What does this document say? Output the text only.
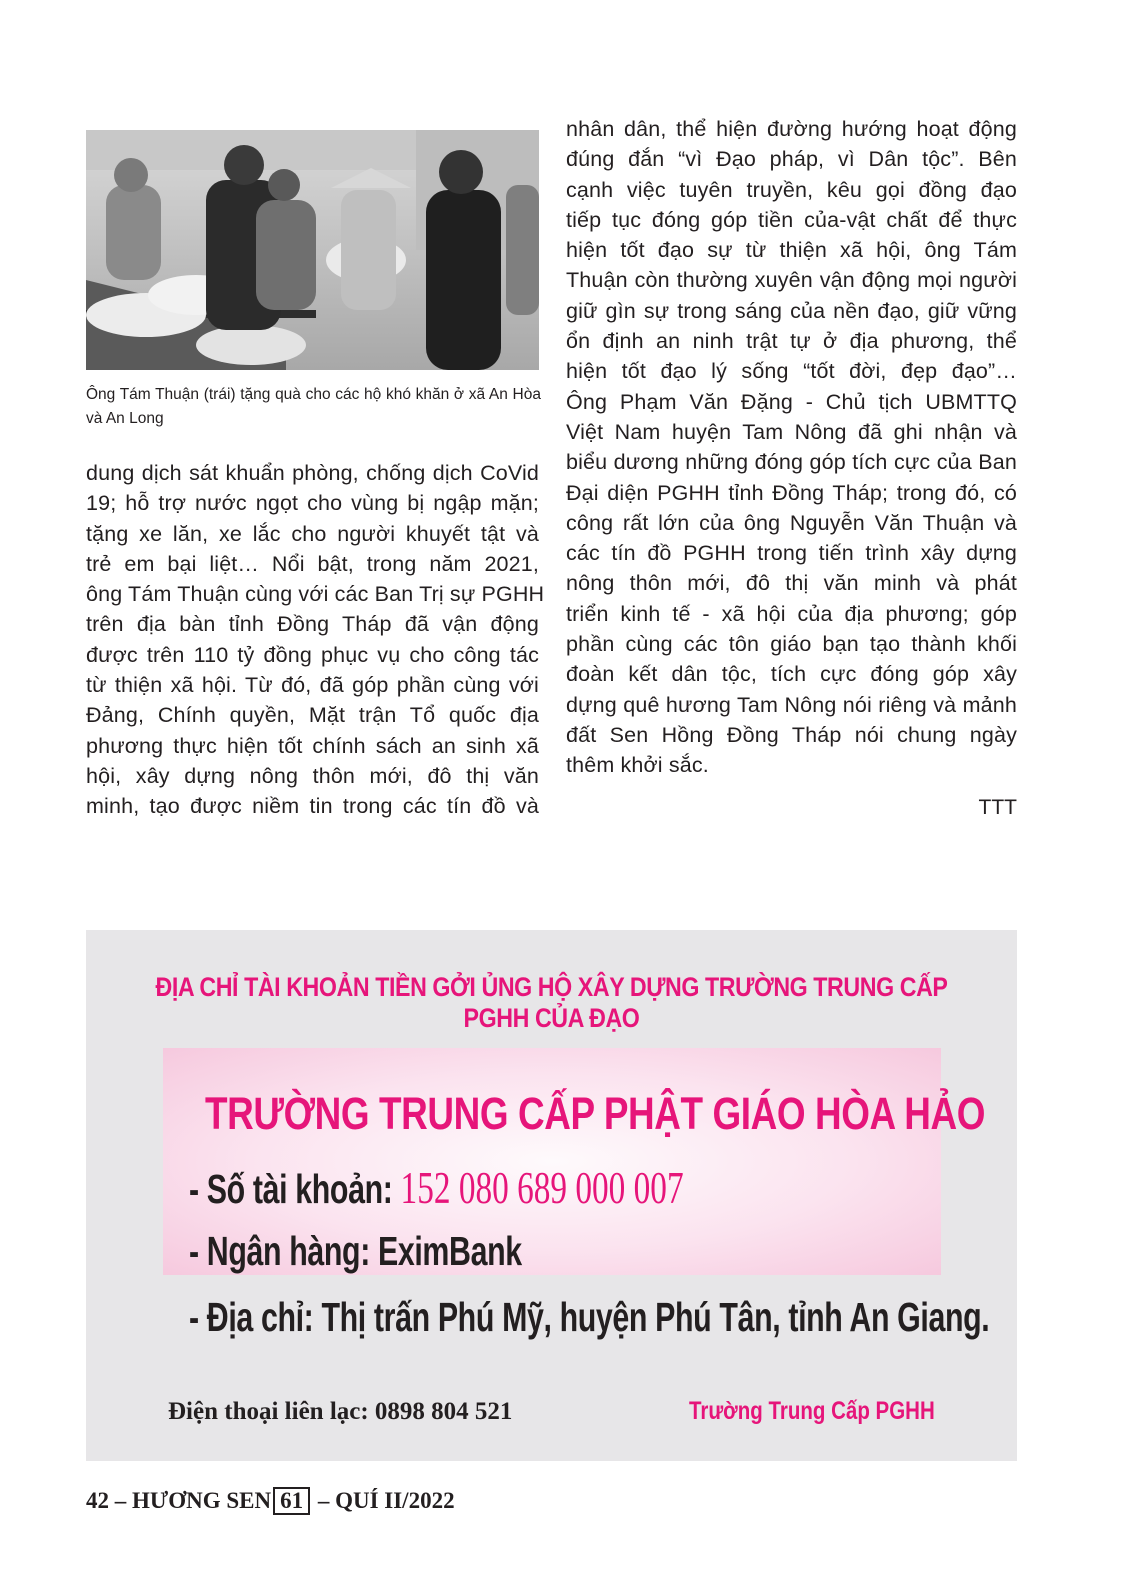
Ông Tám Thuận (trái) tặng quà cho các hộ khó khăn ở xã An Hòa và An Long
dung dịch sát khuẩn phòng, chống dịch CoVid
19; hỗ trợ nước ngọt cho vùng bị ngập mặn;
tặng xe lăn, xe lắc cho người khuyết tật và
trẻ em bại liệt… Nổi bật, trong năm 2021,
ông Tám Thuận cùng với các Ban Trị sự PGHH
trên địa bàn tỉnh Đồng Tháp đã vận động
được trên 110 tỷ đồng phục vụ cho công tác
từ thiện xã hội. Từ đó, đã góp phần cùng với
Đảng, Chính quyền, Mặt trận Tổ quốc địa
phương thực hiện tốt chính sách an sinh xã
hội, xây dựng nông thôn mới, đô thị văn
minh, tạo được niềm tin trong các tín đồ và
nhân dân, thể hiện đường hướng hoạt động
đúng đắn “vì Đạo pháp, vì Dân tộc”. Bên
cạnh việc tuyên truyền, kêu gọi đồng đạo
tiếp tục đóng góp tiền của-vật chất để thực
hiện tốt đạo sự từ thiện xã hội, ông Tám
Thuận còn thường xuyên vận động mọi người
giữ gìn sự trong sáng của nền đạo, giữ vững
ổn định an ninh trật tự ở địa phương, thể
hiện tốt đạo lý sống “tốt đời, đẹp đạo”…
Ông Phạm Văn Đặng - Chủ tịch UBMTTQ
Việt Nam huyện Tam Nông đã ghi nhận và
biểu dương những đóng góp tích cực của Ban
Đại diện PGHH tỉnh Đồng Tháp; trong đó, có
công rất lớn của ông Nguyễn Văn Thuận và
các tín đồ PGHH trong tiến trình xây dựng
nông thôn mới, đô thị văn minh và phát
triển kinh tế - xã hội của địa phương; góp
phần cùng các tôn giáo bạn tạo thành khối
đoàn kết dân tộc, tích cực đóng góp xây
dựng quê hương Tam Nông nói riêng và mảnh
đất Sen Hồng Đồng Tháp nói chung ngày
thêm khởi sắc.
TTT
ĐỊA CHỈ TÀI KHOẢN TIỀN GỞI ỦNG HỘ XÂY DỰNG TRƯỜNG TRUNG CẤP PGHH CỦA ĐẠO
TRƯỜNG TRUNG CẤP PHẬT GIÁO HÒA HẢO
- Số tài khoản: 152 080 689 000 007
- Ngân hàng: EximBank
- Địa chỉ: Thị trấn Phú Mỹ, huyện Phú Tân, tỉnh An Giang.
Điện thoại liên lạc: 0898 804 521	Trường Trung Cấp PGHH
42 – HƯƠNG SEN 61 – QUÍ II/2022
